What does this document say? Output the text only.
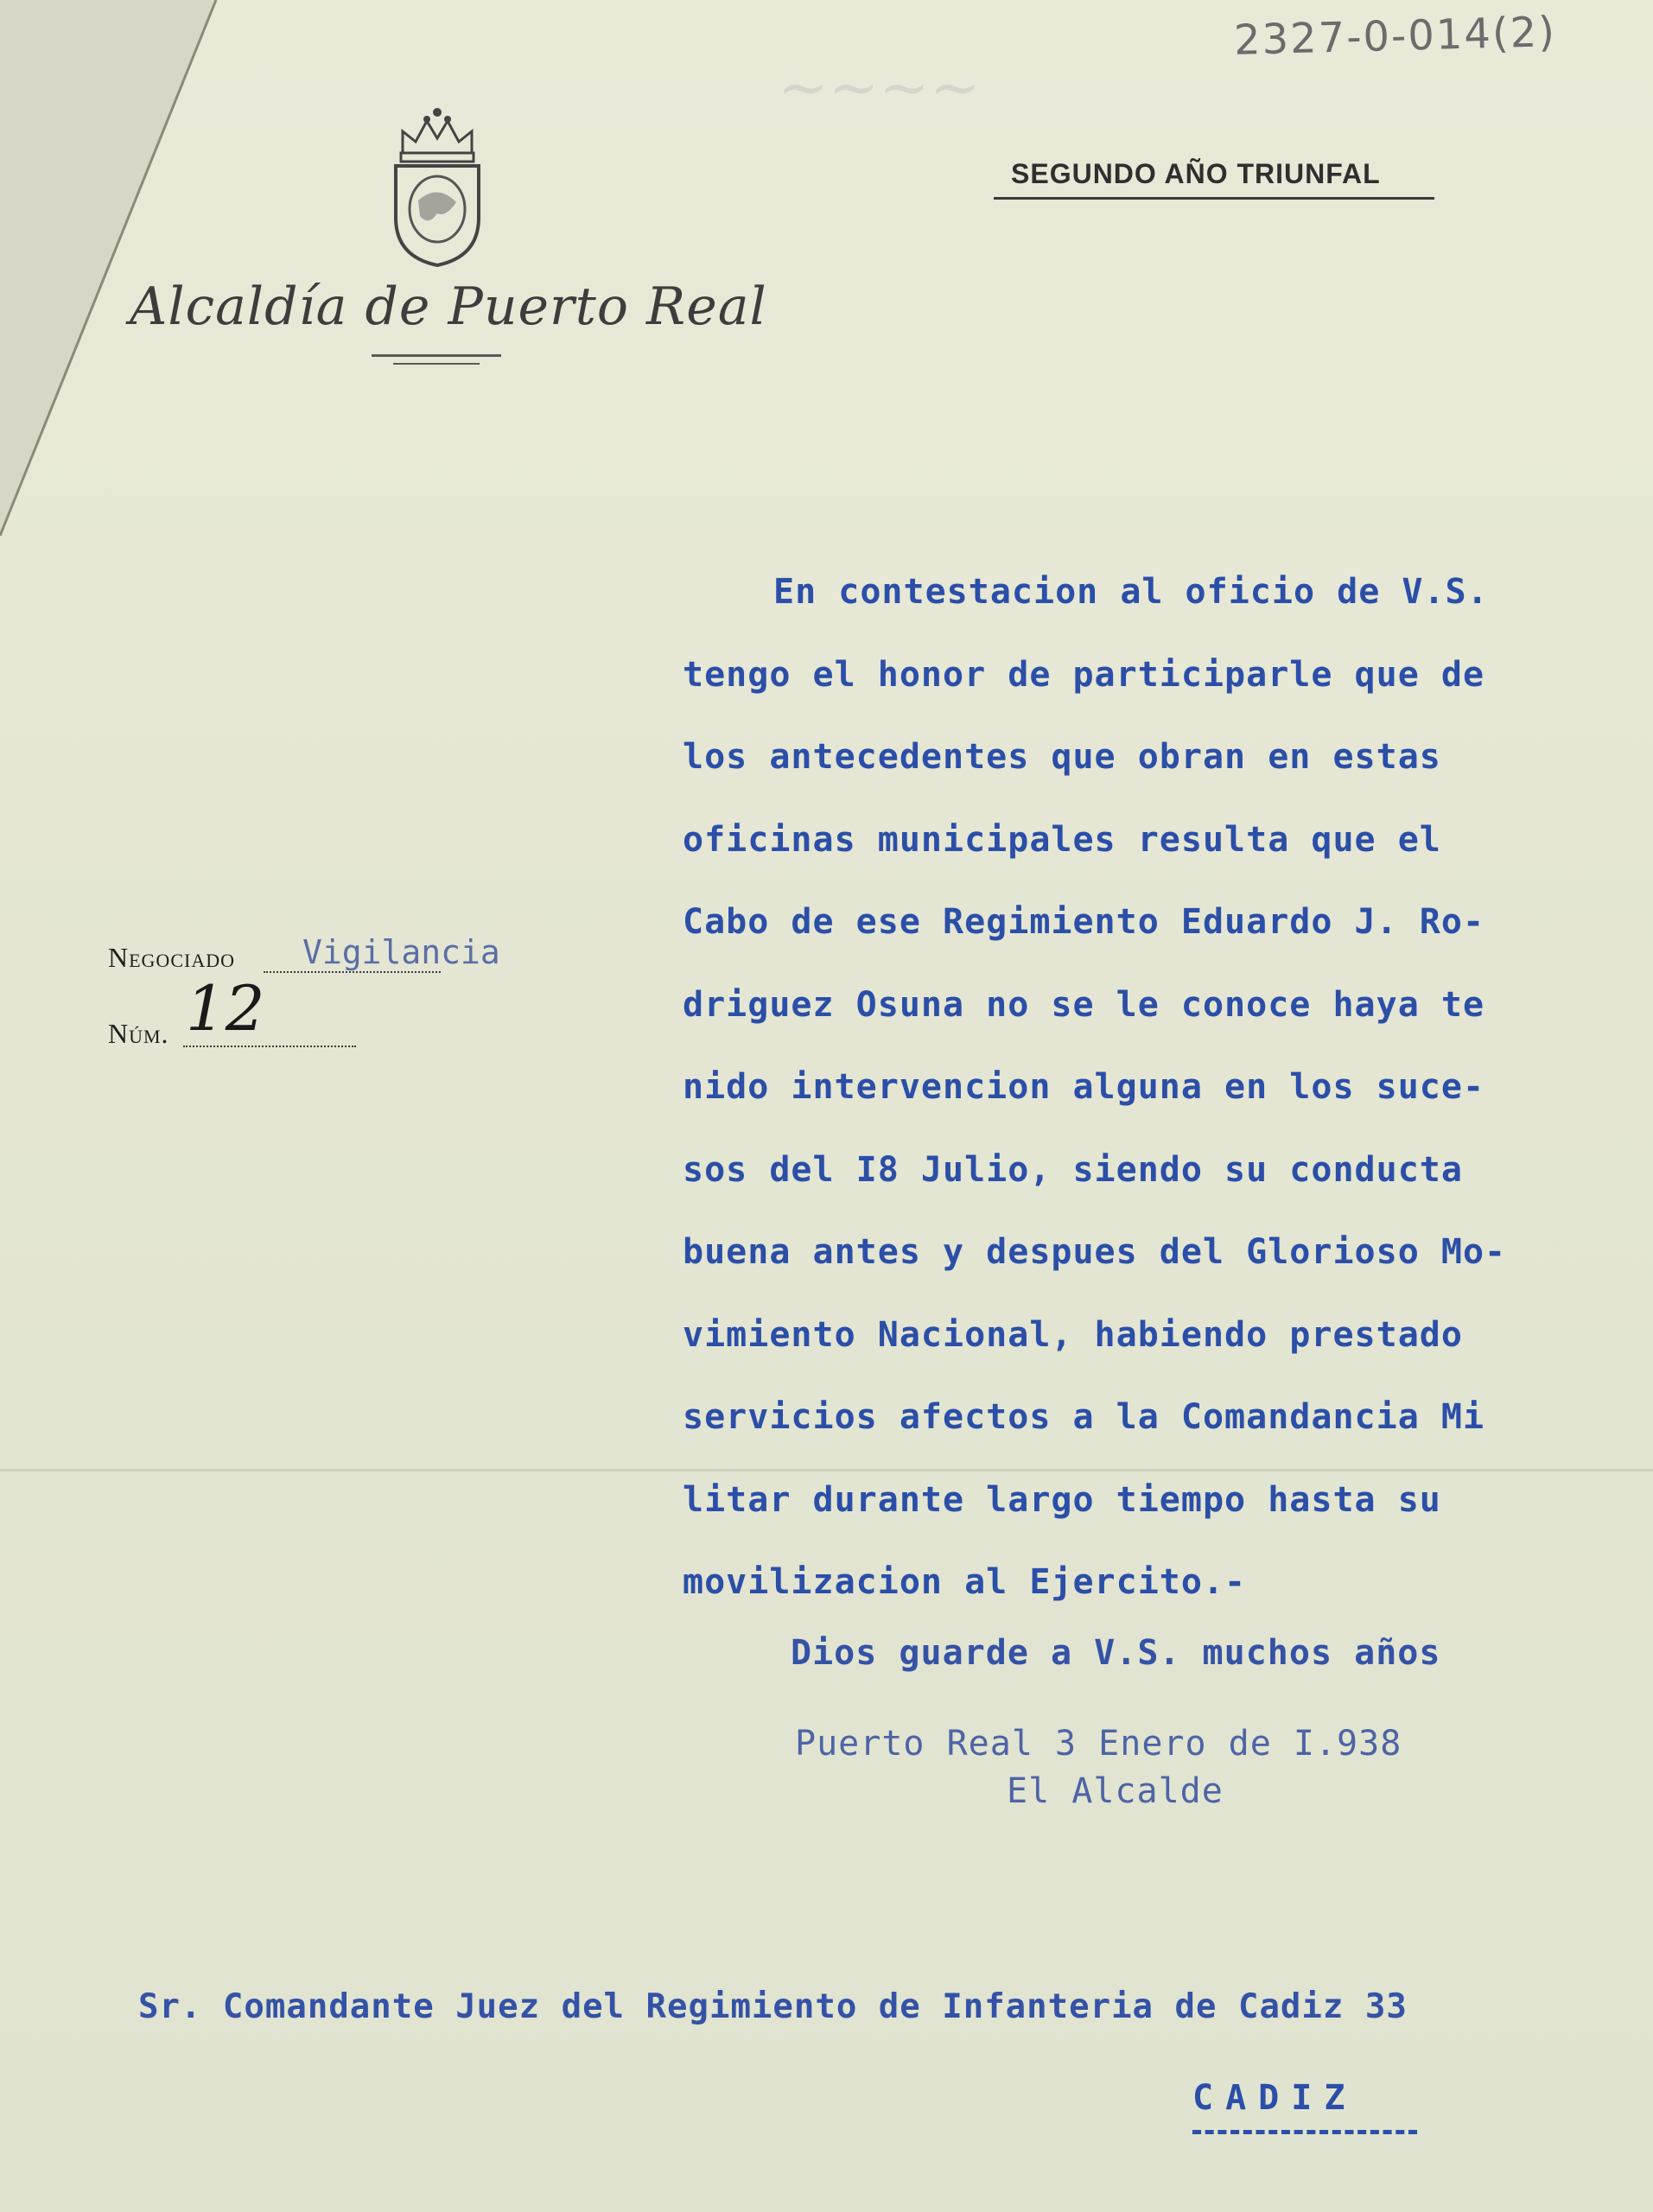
2327-0-014(2)
~~~~
Alcaldía de Puerto Real
SEGUNDO AÑO TRIUNFAL
Negociado Vigilancia
Núm. 12
En contestacion al oficio de V.S.
tengo el honor de participarle que de
los antecedentes que obran en estas
oficinas municipales resulta que el
Cabo de ese Regimiento Eduardo J. Ro-
driguez Osuna no se le conoce haya te
nido intervencion alguna en los suce-
sos del I8 Julio, siendo su conducta
buena antes y despues del Glorioso Mo-
vimiento Nacional, habiendo prestado
servicios afectos a la Comandancia Mi
litar durante largo tiempo hasta su
movilizacion al Ejercito.-
Dios guarde a V.S. muchos años
Puerto Real 3 Enero de I.938
El Alcalde
Sr. Comandante Juez del Regimiento de Infanteria de Cadiz 33
CADIZ
